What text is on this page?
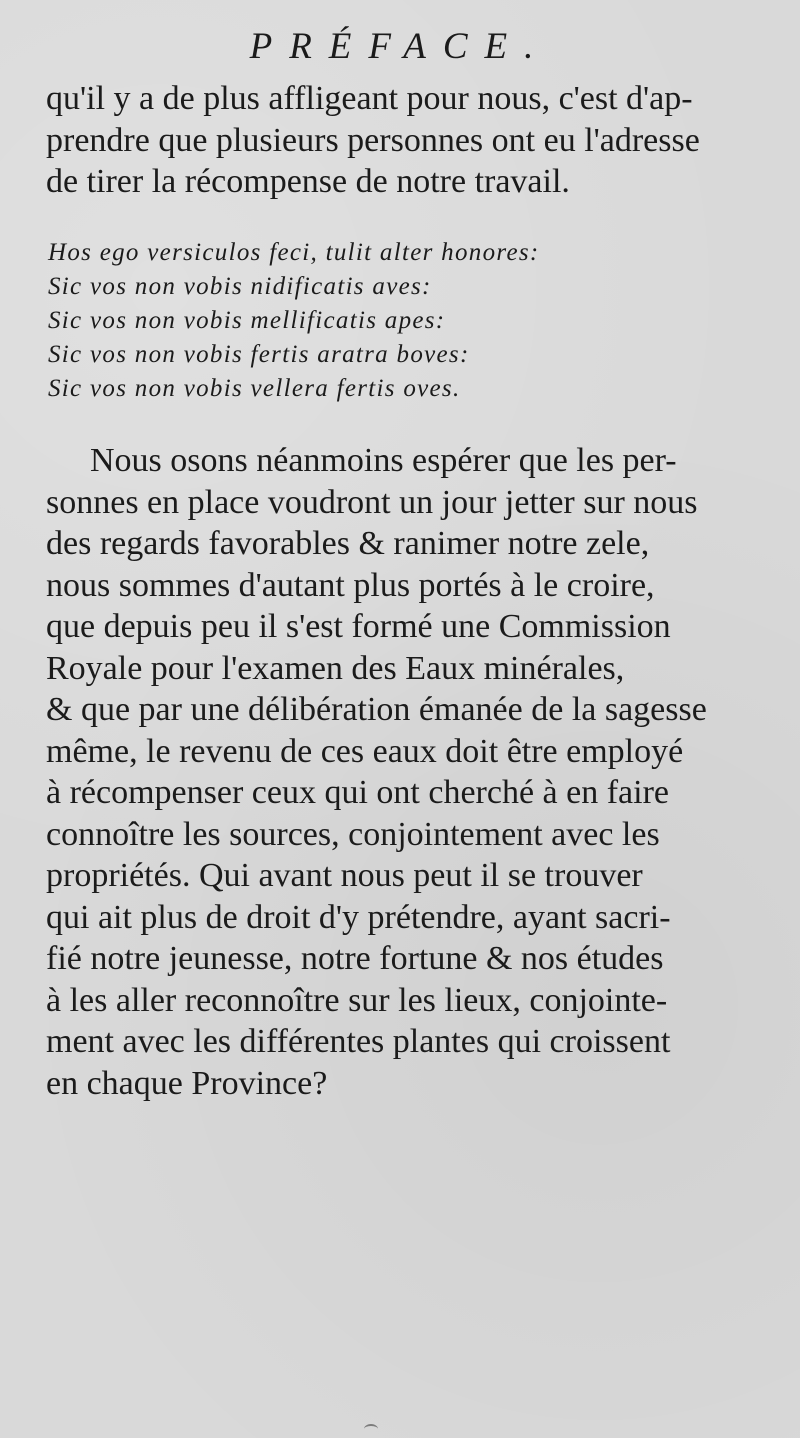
PRÉFACE.
qu'il y a de plus affligeant pour nous, c'est d'ap-
prendre que plusieurs personnes ont eu l'adresse
de tirer la récompense de notre travail.
Hos ego versiculos feci, tulit alter honores:
Sic vos non vobis nidificatis aves:
Sic vos non vobis mellificatis apes:
Sic vos non vobis fertis aratra boves:
Sic vos non vobis vellera fertis oves.
Nous osons néanmoins espérer que les per-
sonnes en place voudront un jour jetter sur nous
des regards favorables & ranimer notre zele,
nous sommes d'autant plus portés à le croire,
que depuis peu il s'est formé une Commission
Royale pour l'examen des Eaux minérales,
& que par une délibération émanée de la sagesse
même, le revenu de ces eaux doit être employé
à récompenser ceux qui ont cherché à en faire
connoître les sources, conjointement avec les
propriétés. Qui avant nous peut il se trouver
qui ait plus de droit d'y prétendre, ayant sacri-
fié notre jeunesse, notre fortune & nos études
à les aller reconnoître sur les lieux, conjointe-
ment avec les différentes plantes qui croissent
en chaque Province?
